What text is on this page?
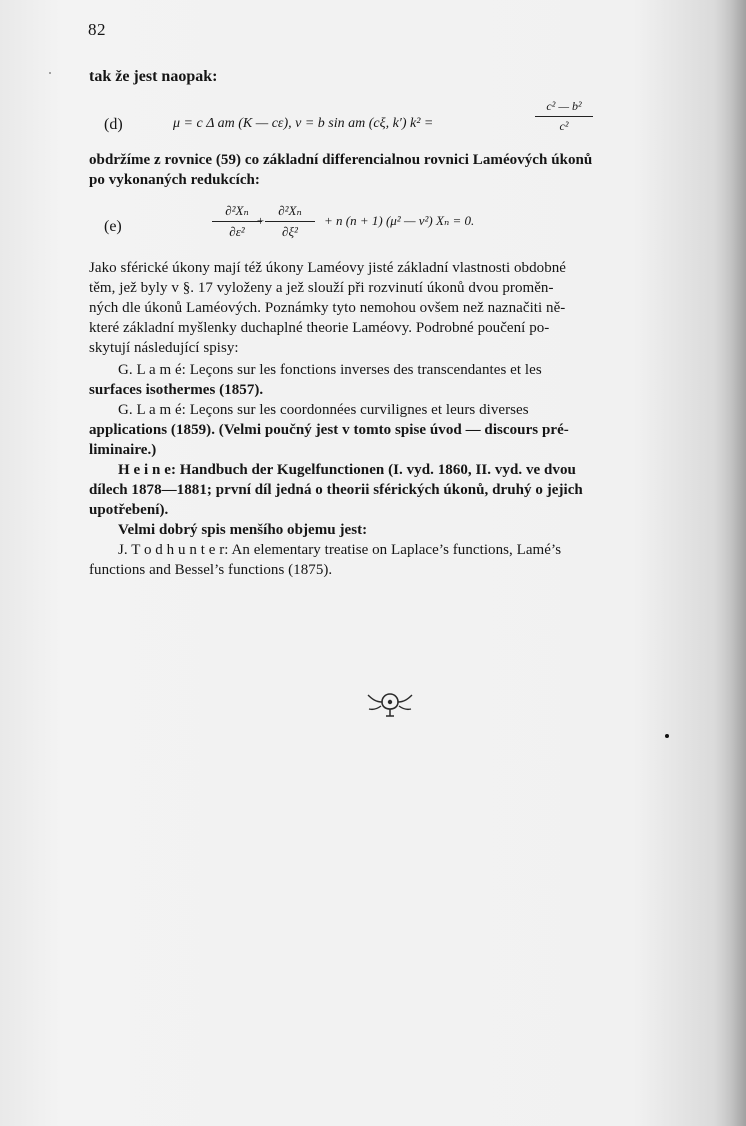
82
tak že jest naopak:
(d)	μ = c Δ am (K — cε), ν = b sin am (cξ, k′) k² =
c² — b²
c²
obdržíme z rovnice (59) co základní differencialnou rovnici Laméových úkonů
po vykonaných redukcích:
(e)
∂²Xₙ
∂ε²
+
∂²Xₙ
∂ξ²
+ n (n + 1) (μ² — ν²) Xₙ = 0.
Jako sférické úkony mají též úkony Laméovy jisté základní vlastnosti obdobné
těm, jež byly v §. 17 vyloženy a jež slouží při rozvinutí úkonů dvou proměn-
ných dle úkonů Laméových. Poznámky tyto nemohou ovšem než naznačiti ně-
které základní myšlenky duchaplné theorie Laméovy. Podrobné poučení po-
skytují následující spisy:
G. L a m é: Leçons sur les fonctions inverses des transcendantes et les
surfaces isothermes (1857).
G. L a m é: Leçons sur les coordonnées curvilignes et leurs diverses
applications (1859). (Velmi poučný jest v tomto spise úvod — discours pré-
liminaire.)
H e i n e: Handbuch der Kugelfunctionen (I. vyd. 1860, II. vyd. ve dvou
dílech 1878—1881; první díl jedná o theorii sférických úkonů, druhý o jejich
upotřebení).
Velmi dobrý spis menšího objemu jest:
J. T o d h u n t e r: An elementary treatise on Laplace’s functions, Lamé’s
functions and Bessel’s functions (1875).
